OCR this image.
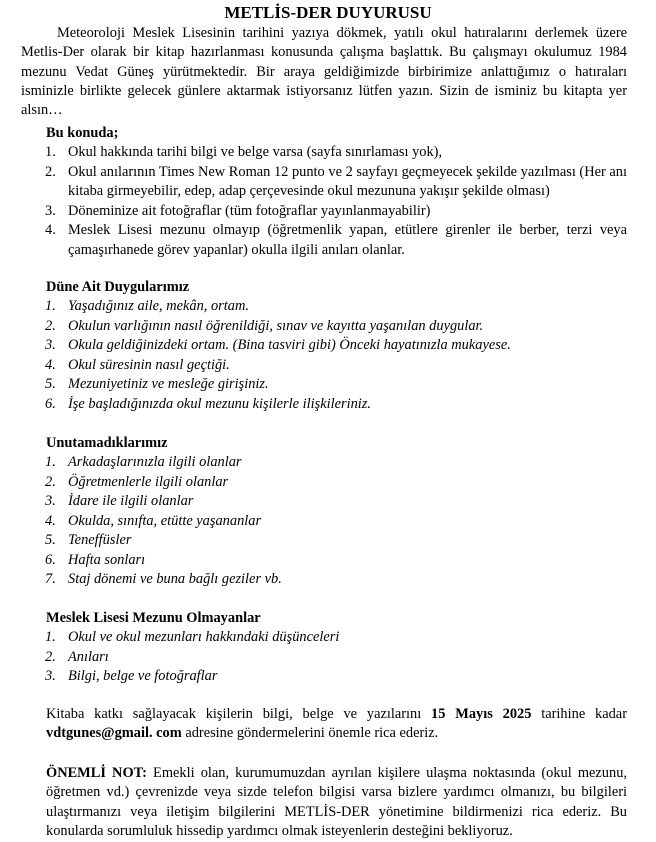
METLİS-DER DUYURUSU

Meteoroloji Meslek Lisesinin tarihini yazıya dökmek, yatılı okul hatıralarını derlemek üzere Metlis-Der olarak bir kitap hazırlanması konusunda çalışma başlattık. Bu çalışmayı okulumuz 1984 mezunu Vedat Güneş yürütmektedir. Bir araya geldiğimizde birbirimize anlattığımız o hatıraları isminizle birlikte gelecek günlere aktarmak istiyorsanız lütfen yazın. Sizin de isminiz bu kitapta yer alsın…

Bu konuda;

1. Okul hakkında tarihi bilgi ve belge varsa (sayfa sınırlaması yok),
2. Okul anılarının Times New Roman 12 punto ve 2 sayfayı geçmeyecek şekilde yazılması (Her anı kitaba girmeyebilir, edep, adap çerçevesinde okul mezununa yakışır şekilde olması)
3. Döneminize ait fotoğraflar (tüm fotoğraflar yayınlanmayabilir)
4. Meslek Lisesi mezunu olmayıp (öğretmenlik yapan, etütlere girenler ile berber, terzi veya çamaşırhanede görev yapanlar) okulla ilgili anıları olanlar.

Düne Ait Duygularımız

1. Yaşadığınız aile, mekân, ortam.
2. Okulun varlığının nasıl öğrenildiği, sınav ve kayıtta yaşanılan duygular.
3. Okula geldiğinizdeki ortam. (Bina tasviri gibi) Önceki hayatınızla mukayese.
4. Okul süresinin nasıl geçtiği.
5. Mezuniyetiniz ve mesleğe girişiniz.
6. İşe başladığınızda okul mezunu kişilerle ilişkileriniz.

Unutamadıklarımız

1. Arkadaşlarınızla ilgili olanlar
2. Öğretmenlerle ilgili olanlar
3. İdare ile ilgili olanlar
4. Okulda, sınıfta, etütte yaşananlar
5. Teneffüsler
6. Hafta sonları
7. Staj dönemi ve buna bağlı geziler vb.

Meslek Lisesi Mezunu Olmayanlar

1. Okul ve okul mezunları hakkındaki düşünceleri
2. Anıları
3. Bilgi, belge ve fotoğraflar

Kitaba katkı sağlayacak kişilerin bilgi, belge ve yazılarını 15 Mayıs 2025 tarihine kadar vdtgunes@gmail. com adresine göndermelerini önemle rica ederiz.

ÖNEMLİ NOT: Emekli olan, kurumumuzdan ayrılan kişilere ulaşma noktasında (okul mezunu, öğretmen vd.) çevrenizde veya sizde telefon bilgisi varsa bizlere yardımcı olmanızı, bu bilgileri ulaştırmanızı veya iletişim bilgilerini METLİS-DER yönetimine bildirmenizi rica ederiz. Bu konularda sorumluluk hissedip yardımcı olmak isteyenlerin desteğini bekliyoruz.
